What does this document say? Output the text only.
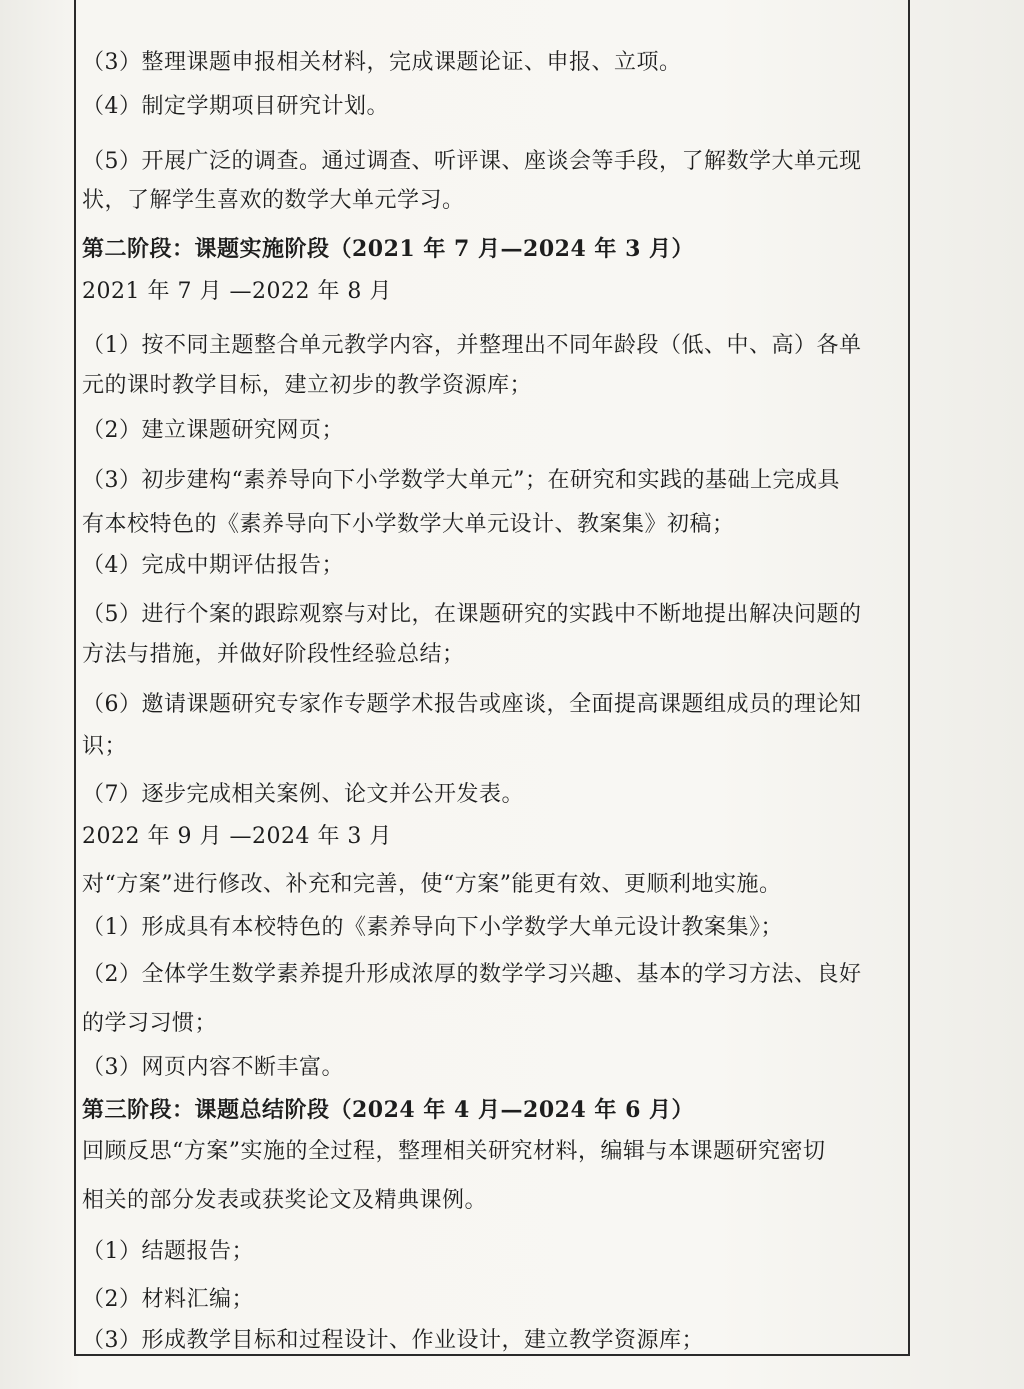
（3）整理课题申报相关材料，完成课题论证、申报、立项。
（4）制定学期项目研究计划。
（5）开展广泛的调查。通过调查、听评课、座谈会等手段，了解数学大单元现
状，了解学生喜欢的数学大单元学习。
第二阶段：课题实施阶段（2021 年 7 月—2024 年 3 月）
2021 年 7 月 —2022 年 8 月
（1）按不同主题整合单元教学内容，并整理出不同年龄段（低、中、高）各单
元的课时教学目标，建立初步的教学资源库；
（2）建立课题研究网页；
（3）初步建构“素养导向下小学数学大单元”；在研究和实践的基础上完成具
有本校特色的《素养导向下小学数学大单元设计、教案集》初稿；
（4）完成中期评估报告；
（5）进行个案的跟踪观察与对比，在课题研究的实践中不断地提出解决问题的
方法与措施，并做好阶段性经验总结；
（6）邀请课题研究专家作专题学术报告或座谈，全面提高课题组成员的理论知
识；
（7）逐步完成相关案例、论文并公开发表。
2022 年 9 月 —2024 年 3 月
对“方案”进行修改、补充和完善，使“方案”能更有效、更顺利地实施。
（1）形成具有本校特色的《素养导向下小学数学大单元设计教案集》；
（2）全体学生数学素养提升形成浓厚的数学学习兴趣、基本的学习方法、良好
的学习习惯；
（3）网页内容不断丰富。
第三阶段：课题总结阶段（2024 年 4 月—2024 年 6 月）
回顾反思“方案”实施的全过程，整理相关研究材料，编辑与本课题研究密切
相关的部分发表或获奖论文及精典课例。
（1）结题报告；
（2）材料汇编；
（3）形成教学目标和过程设计、作业设计，建立教学资源库；
